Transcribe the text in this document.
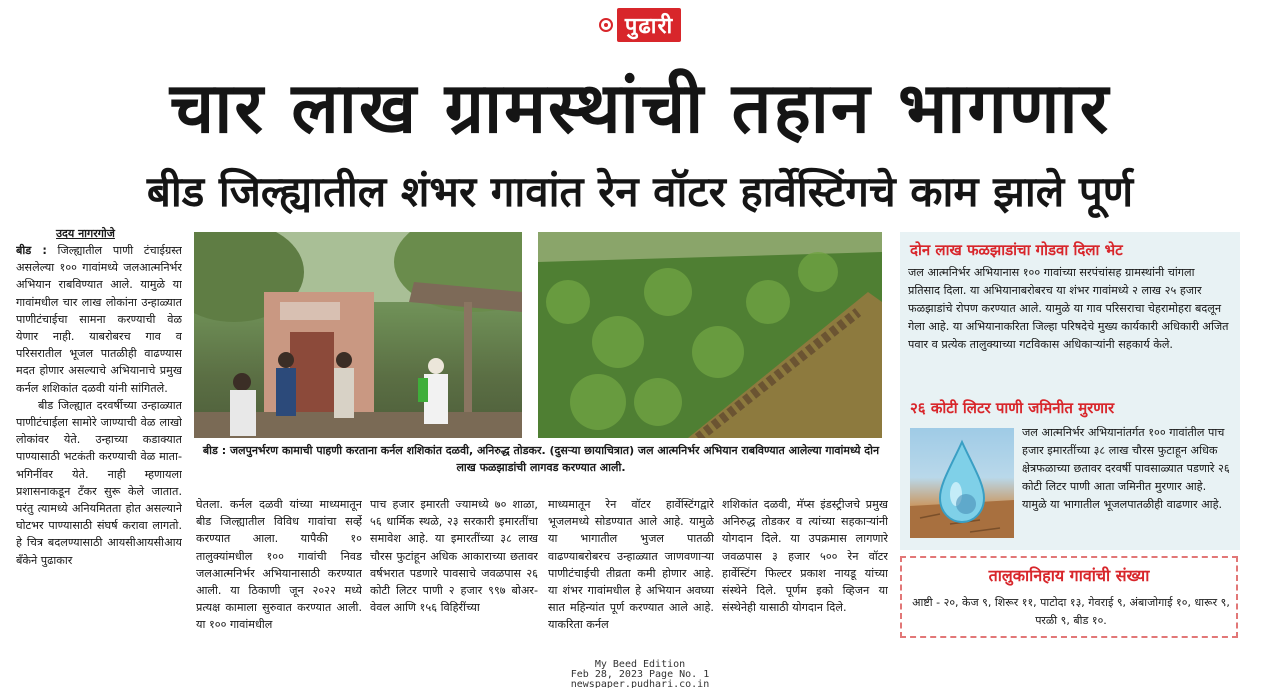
पुढारी
चार लाख ग्रामस्थांची तहान भागणार
बीड जिल्ह्यातील शंभर गावांत रेन वॉटर हार्वेस्टिंगचे काम झाले पूर्ण
उदय नागरगोजे

बीड : जिल्ह्यातील पाणी टंचाईग्रस्त असलेल्या १०० गावांमध्ये जलआत्मनिर्भर अभियान राबविण्यात आले. यामुळे या गावांमधील चार लाख लोकांना उन्हाळ्यात पाणीटंचाईचा सामना करण्याची वेळ येणार नाही. याबरोबरच गाव व परिसरातील भूजल पातळीही वाढण्यास मदत होणार असल्याचे अभियानाचे प्रमुख कर्नल शशिकांत दळवी यांनी सांगितले.

बीड जिल्ह्यात दरवर्षीच्या उन्हाळ्यात पाणीटंचाईला सामोरे जाण्याची वेळ लाखो लोकांवर येते. उन्हाच्या कडाक्यात पाण्यासाठी भटकंती करण्याची वेळ माता-भगिनींवर येते. नाही म्हणायला प्रशासनाकडून टँकर सुरू केले जातात. परंतु त्यामध्ये अनियमितता होत असल्याने घोटभर पाण्यासाठी संघर्ष करावा लागतो. हे चित्र बदलण्यासाठी आयसीआयसीआय बँकेने पुढाकार

बीड : जलपुनर्भरण कामाची पाहणी करताना कर्नल शशिकांत दळवी, अनिरुद्ध तोडकर. (दुसऱ्या छायाचित्रात) जल आत्मनिर्भर अभियान राबविण्यात आलेल्या गावांमध्ये दोन लाख फळझाडांची लागवड करण्यात आली.
घेतला. कर्नल दळवी यांच्या माध्यमातून बीड जिल्ह्यातील विविध गावांचा सर्व्हे करण्यात आला. यापैकी १० तालुक्यांमधील १०० गावांची निवड जलआत्मनिर्भर अभियानासाठी करण्यात आली. या ठिकाणी जून २०२२ मध्ये प्रत्यक्ष कामाला सुरुवात करण्यात आली. या १०० गावांमधील
पाच हजार इमारती ज्यामध्ये ७० शाळा, ५६ धार्मिक स्थळे, २३ सरकारी इमारतींचा समावेश आहे. या इमारतींच्या ३८ लाख चौरस फुटांहून अधिक आकाराच्या छतावर वर्षभरात पडणारे पावसाचे जवळपास २६ कोटी लिटर पाणी २ हजार ९९७ बोअर-वेवल आणि १५६ विहिरींच्या
माध्यमातून रेन वॉटर हार्वेस्टिंगद्वारे भूजलमध्ये सोडण्यात आले आहे. यामुळे या भागातील भुजल पातळी वाढण्याबरोबरच उन्हाळ्यात जाणवणाऱ्या पाणीटंचाईची तीव्रता कमी होणार आहे. या शंभर गावांमधील हे अभियान अवघ्या सात महिन्यांत पूर्ण करण्यात आले आहे. याकरिता कर्नल
शशिकांत दळवी, मॅप्स इंडस्ट्रीजचे प्रमुख अनिरुद्ध तोडकर व त्यांच्या सहकाऱ्यांनी योगदान दिले. या उपक्रमास लागणारे जवळपास ३ हजार ५०० रेन वॉटर हार्वेस्टिंग फिल्टर प्रकाश नायडू यांच्या संस्थेने दिले. पूर्णम इको व्हिजन या संस्थेनेही यासाठी योगदान दिले.
दोन लाख फळझाडांचा गोडवा दिला भेट
जल आत्मनिर्भर अभियानास १०० गावांच्या सरपंचांसह ग्रामस्थांनी चांगला प्रतिसाद दिला. या अभियानाबरोबरच या शंभर गावांमध्ये २ लाख २५ हजार फळझाडांचे रोपण करण्यात आले. यामुळे या गाव परिसराचा चेहरामोहरा बदलून गेला आहे. या अभियानाकरिता जिल्हा परिषदेचे मुख्य कार्यकारी अधिकारी अजित पवार व प्रत्येक तालुक्याच्या गटविकास अधिकाऱ्यांनी सहकार्य केले.
२६ कोटी लिटर पाणी जमिनीत मुरणार
जल आत्मनिर्भर अभियानांतर्गत १०० गावांतील पाच हजार इमारतींच्या ३८ लाख चौरस फुटाहून अधिक क्षेत्रफळाच्या छतावर दरवर्षी पावसाळ्यात पडणारे २६ कोटी लिटर पाणी आता जमिनीत मुरणार आहे. यामुळे या भागातील भूजलपातळीही वाढणार आहे.
तालुकानिहाय गावांची संख्या
आष्टी - २०, केज ९, शिरूर ११, पाटोदा १३, गेवराई ९, अंबाजोगाई १०, धारूर ९, परळी ९, बीड १०.
My Beed Edition
Feb 28, 2023 Page No. 1
newspaper.pudhari.co.in
